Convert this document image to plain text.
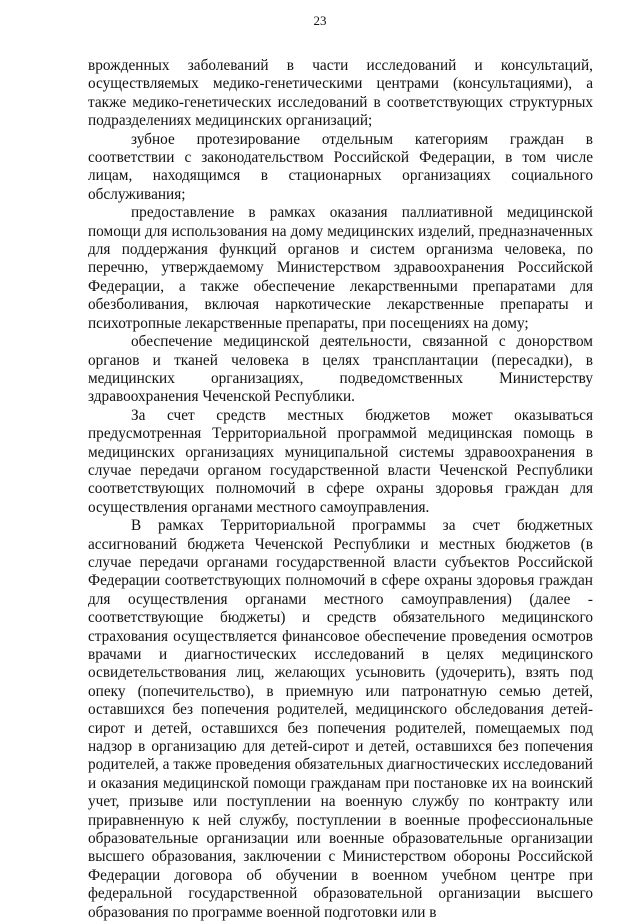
23

врожденных заболеваний в части исследований и консультаций, осуществляемых медико-генетическими центрами (консультациями), а также медико-генетических исследований в соответствующих структурных подразделениях медицинских организаций;

зубное протезирование отдельным категориям граждан в соответствии с законодательством Российской Федерации, в том числе лицам, находящимся в стационарных организациях социального обслуживания;

предоставление в рамках оказания паллиативной медицинской помощи для использования на дому медицинских изделий, предназначенных для поддержания функций органов и систем организма человека, по перечню, утверждаемому Министерством здравоохранения Российской Федерации, а также обеспечение лекарственными препаратами для обезболивания, включая наркотические лекарственные препараты и психотропные лекарственные препараты, при посещениях на дому;

обеспечение медицинской деятельности, связанной с донорством органов и тканей человека в целях трансплантации (пересадки), в медицинских организациях, подведомственных Министерству здравоохранения Чеченской Республики.

За счет средств местных бюджетов может оказываться предусмотренная Территориальной программой медицинская помощь в медицинских организациях муниципальной системы здравоохранения в случае передачи органом государственной власти Чеченской Республики соответствующих полномочий в сфере охраны здоровья граждан для осуществления органами местного самоуправления.

В рамках Территориальной программы за счет бюджетных ассигнований бюджета Чеченской Республики и местных бюджетов (в случае передачи органами государственной власти субъектов Российской Федерации соответствующих полномочий в сфере охраны здоровья граждан для осуществления органами местного самоуправления) (далее - соответствующие бюджеты) и средств обязательного медицинского страхования осуществляется финансовое обеспечение проведения осмотров врачами и диагностических исследований в целях медицинского освидетельствования лиц, желающих усыновить (удочерить), взять под опеку (попечительство), в приемную или патронатную семью детей, оставшихся без попечения родителей, медицинского обследования детей-сирот и детей, оставшихся без попечения родителей, помещаемых под надзор в организацию для детей-сирот и детей, оставшихся без попечения родителей, а также проведения обязательных диагностических исследований и оказания медицинской помощи гражданам при постановке их на воинский учет, призыве или поступлении на военную службу по контракту или приравненную к ней службу, поступлении в военные профессиональные образовательные организации или военные образовательные организации высшего образования, заключении с Министерством обороны Российской Федерации договора об обучении в военном учебном центре при федеральной государственной образовательной организации высшего образования по программе военной подготовки или в
